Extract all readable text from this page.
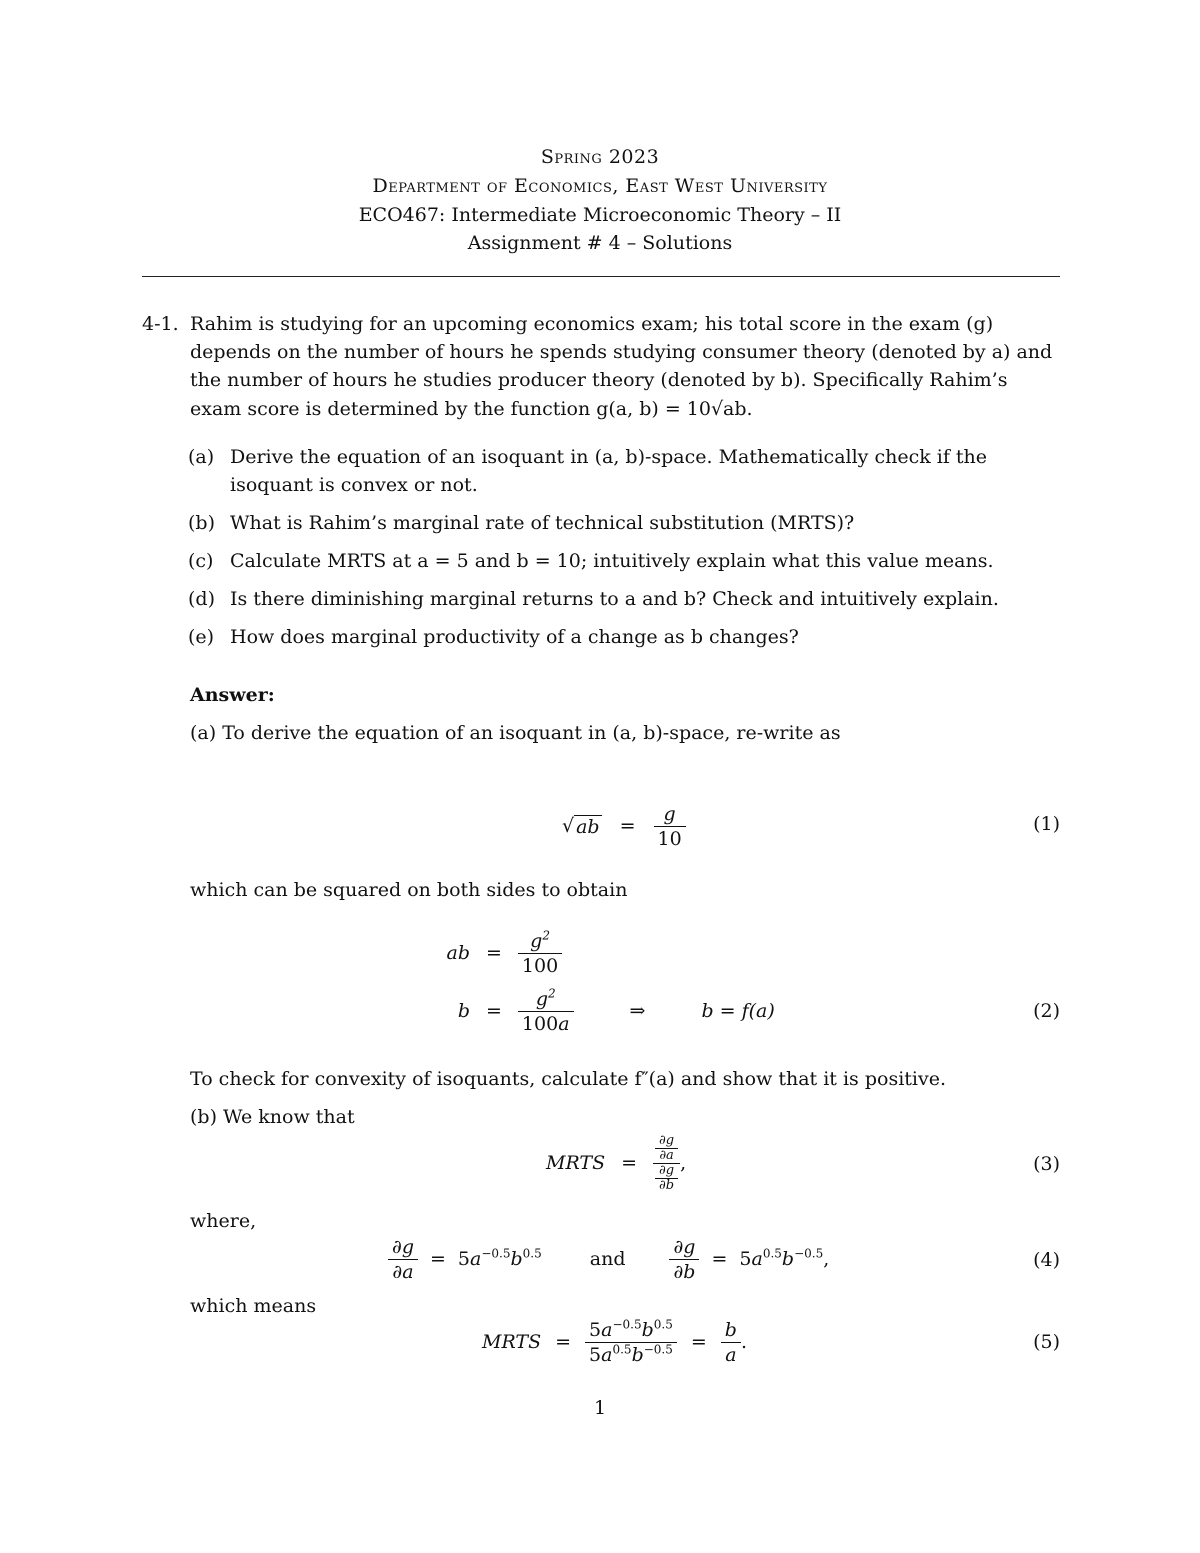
Spring 2023
Department of Economics, East West University
ECO467: Intermediate Microeconomic Theory – II
Assignment # 4 – Solutions
4-1. Rahim is studying for an upcoming economics exam; his total score in the exam (g)
depends on the number of hours he spends studying consumer theory (denoted by a) and
the number of hours he studies producer theory (denoted by b). Specifically Rahim’s
exam score is determined by the function g(a, b) = 10√ab.
(a) Derive the equation of an isoquant in (a, b)-space. Mathematically check if the
isoquant is convex or not.
(b) What is Rahim’s marginal rate of technical substitution (MRTS)?
(c) Calculate MRTS at a = 5 and b = 10; intuitively explain what this value means.
(d) Is there diminishing marginal returns to a and b? Check and intuitively explain.
(e) How does marginal productivity of a change as b changes?
Answer:
(a) To derive the equation of an isoquant in (a, b)-space, re-write as
√ ab = $\frac{g}{10}$	(1)
which can be squared on both sides to obtain
ab = $\frac{g^2}{100}$
$b = \frac{g^2}{100a}$	⇒	b = f(a)	(2)
To check for convexity of isoquants, calculate f″(a) and show that it is positive.
(b) We know that
MRTS = $\frac{\frac{\partial g}{\partial a}}{\frac{\partial g}{\partial b}}$ ,	(3)
where,
$\frac{\partial g}{\partial a} = 5a^{-0.5}b^{0.5}$	and $\frac{\partial g}{\partial b} = 5a^{0.5}b^{-0.5}$,	(4)
which means
MRTS = $\frac{5a^{-0.5}b^{0.5}}{5a^{0.5}b^{-0.5}} = \frac{b}{a}$ .	(5)
1
